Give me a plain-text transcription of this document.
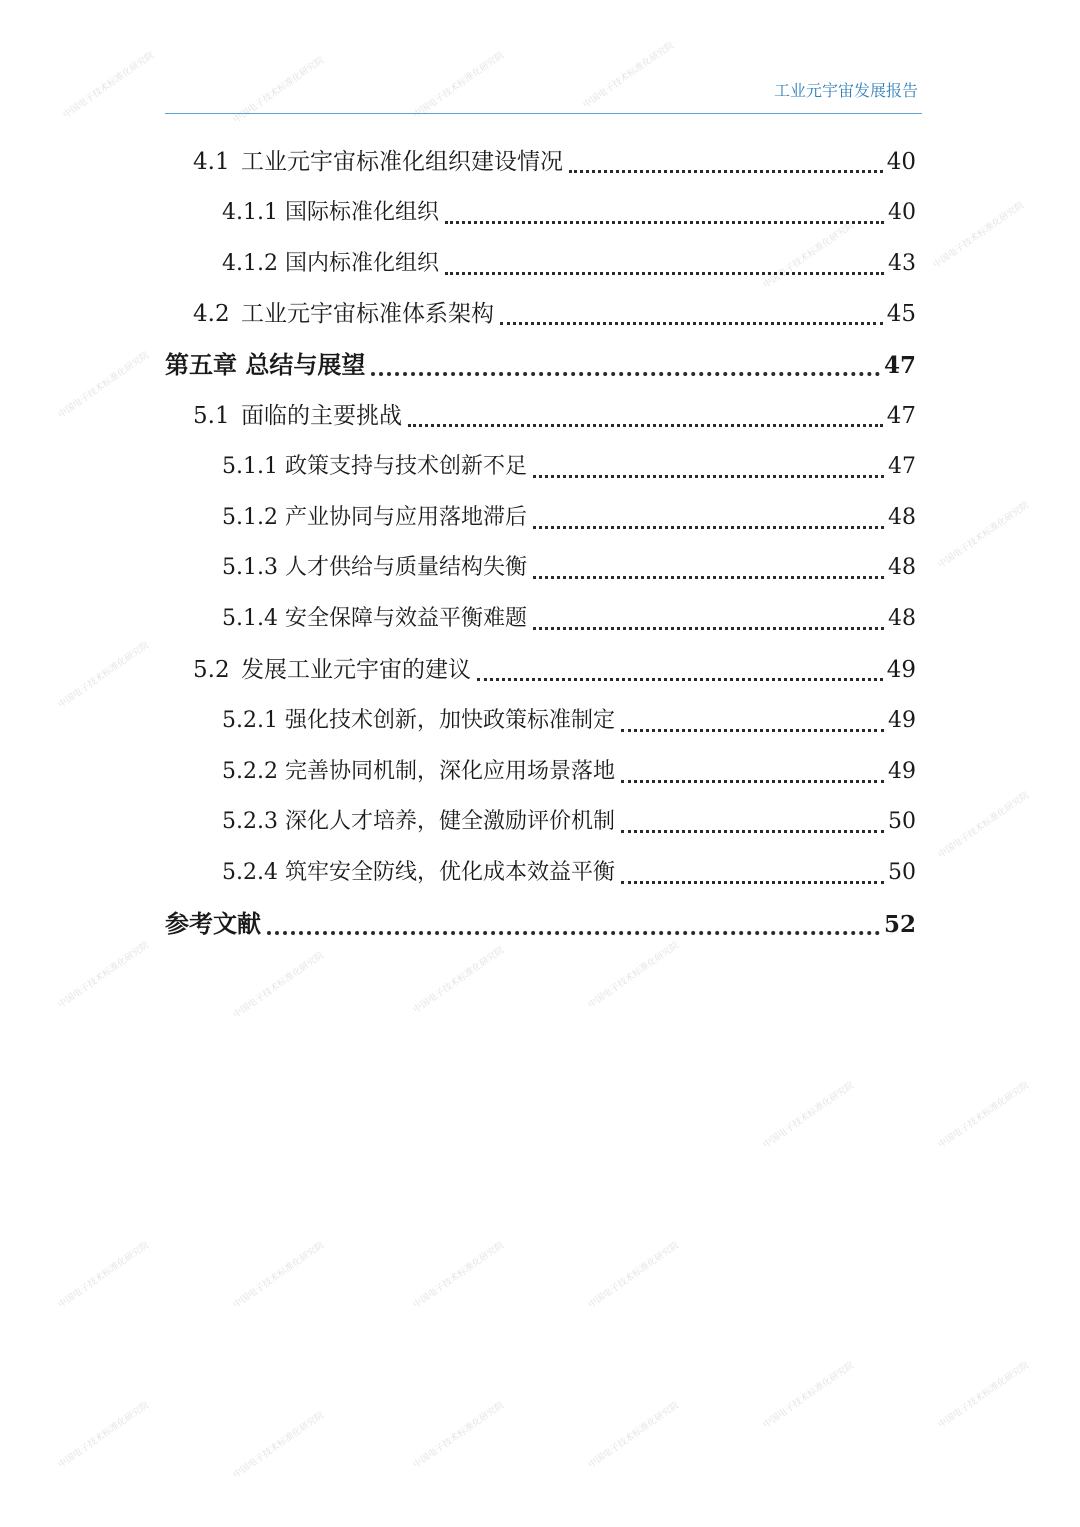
中国电子技术标准化研究院	中国电子技术标准化研究院	中国电子技术标准化研究院	中国电子技术标准化研究院
中国电子技术标准化研究院	中国电子技术标准化研究院
中国电子技术标准化研究院
中国电子技术标准化研究院
中国电子技术标准化研究院
中国电子技术标准化研究院
中国电子技术标准化研究院	中国电子技术标准化研究院	中国电子技术标准化研究院	中国电子技术标准化研究院
中国电子技术标准化研究院	中国电子技术标准化研究院
中国电子技术标准化研究院	中国电子技术标准化研究院	中国电子技术标准化研究院	中国电子技术标准化研究院
中国电子技术标准化研究院	中国电子技术标准化研究院
中国电子技术标准化研究院	中国电子技术标准化研究院	中国电子技术标准化研究院	中国电子技术标准化研究院
工业元宇宙发展报告
4.1 工业元宇宙标准化组织建设情况	40
4.1.1 国际标准化组织	40
4.1.2 国内标准化组织	43
4.2 工业元宇宙标准体系架构	45
第五章 总结与展望	47
5.1 面临的主要挑战	47
5.1.1 政策支持与技术创新不足	47
5.1.2 产业协同与应用落地滞后	48
5.1.3 人才供给与质量结构失衡	48
5.1.4 安全保障与效益平衡难题	48
5.2 发展工业元宇宙的建议	49
5.2.1 强化技术创新，加快政策标准制定	49
5.2.2 完善协同机制，深化应用场景落地	49
5.2.3 深化人才培养，健全激励评价机制	50
5.2.4 筑牢安全防线，优化成本效益平衡	50
参考文献	52
